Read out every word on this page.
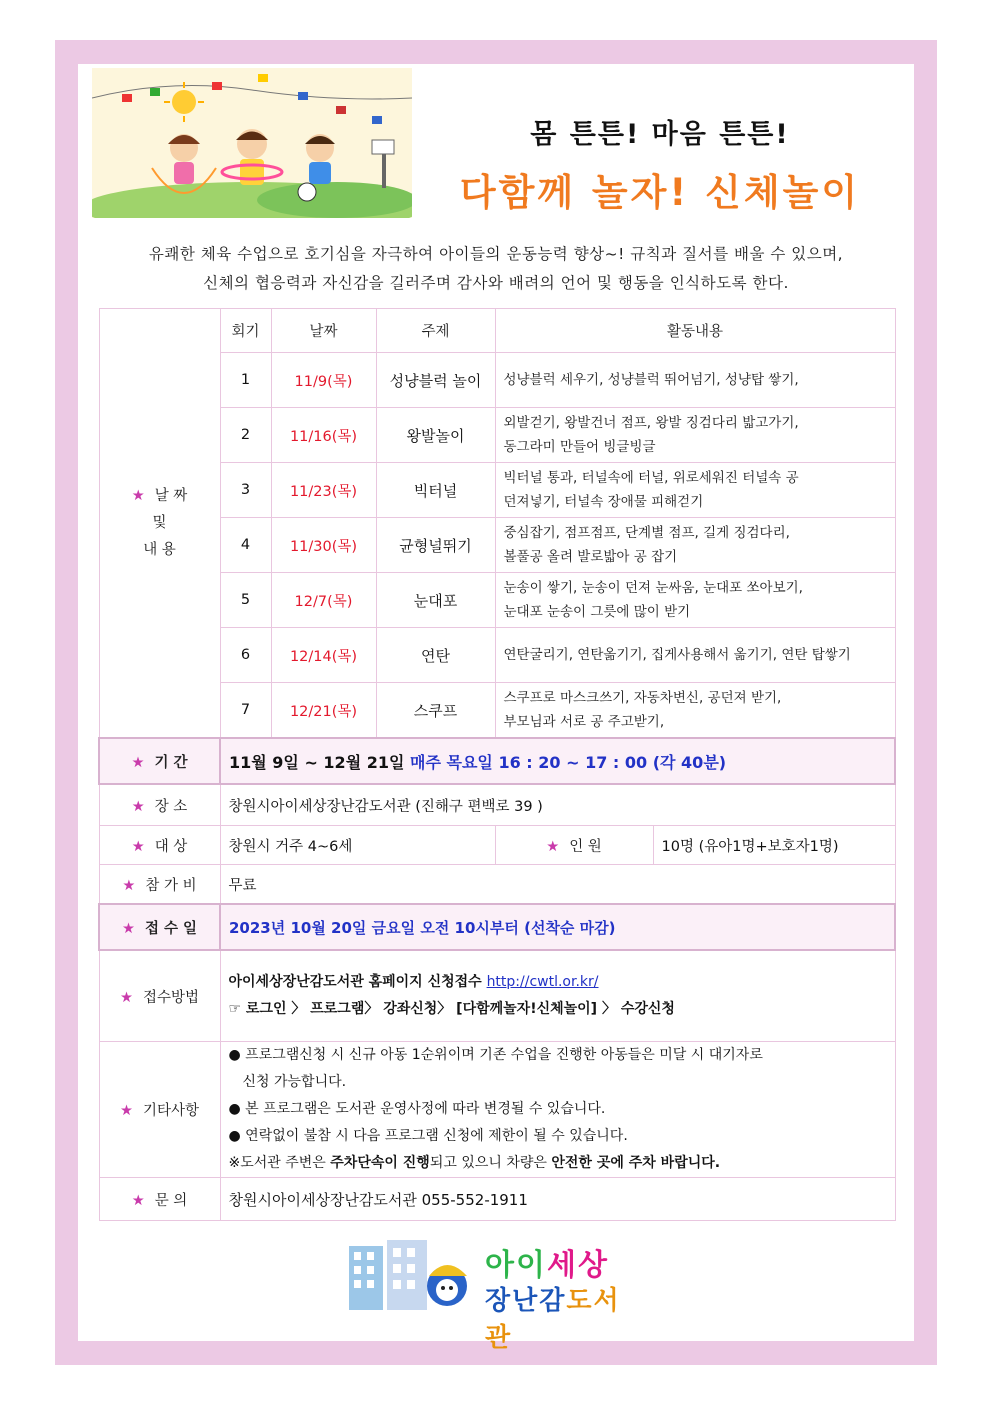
몸 튼튼! 마음 튼튼!
다함께 놀자! 신체놀이
유쾌한 체육 수업으로 호기심을 자극하여 아이들의 운동능력 향상~! 규칙과 질서를 배울 수 있으며,
신체의 협응력과 자신감을 길러주며 감사와 배려의 언어 및 행동을 인식하도록 한다.
★ 날 짜
및
내 용	회기	날짜	주제	활동내용	
	1	11/9(목)	성냥블럭 놀이	성냥블럭 세우기, 성냥블럭 뛰어넘기, 성냥탑 쌓기,	

	2	11/16(목)	왕발놀이	외발걷기, 왕발건너 점프, 왕발 징검다리 밟고가기,
동그라미 만들어 빙글빙글	

	3	11/23(목)	빅터널	빅터널 통과, 터널속에 터널, 위로세워진 터널속 공
던져넣기, 터널속 장애물 피해걷기	

	4	11/30(목)	균형널뛰기	중심잡기, 점프점프, 단계별 점프, 길게 징검다리,
볼풀공 올려 발로밟아 공 잡기	

	5	12/7(목)	눈대포	눈송이 쌓기, 눈송이 던져 눈싸움, 눈대포 쏘아보기,
눈대포 눈송이 그릇에 많이 받기	

	6	12/14(목)	연탄	연탄굴리기, 연탄옮기기, 집게사용해서 옮기기, 연탄 탑쌓기	

	7	12/21(목)	스쿠프	스쿠프로 마스크쓰기, 자동차변신, 공던져 받기,
부모님과 서로 공 주고받기,	

★ 기 간	11월 9일 ~ 12월 21일 매주 목요일 16 : 20 ~ 17 : 00 (각 40분)				
★ 장 소	창원시아이세상장난감도서관 (진해구 편백로 39 )				
★ 대 상	창원시 거주 4~6세			★ 인 원	10명 (유아1명+보호자1명)
★ 참 가 비	무료				
★ 접 수 일	2023년 10월 20일 금요일 오전 10시부터 (선착순 마감)				
★ 접수방법	아이세상장난감도서관 홈페이지 신청접수 http://cwtl.or.kr/
☞ 로그인 〉 프로그램〉 강좌신청〉 [다함께놀자!신체놀이] 〉 수강신청				

★ 기타사항	● 프로그램신청 시 신규 아동 1순위이며 기존 수업을 진행한 아동들은 미달 시 대기자로
신청 가능합니다.
● 본 프로그램은 도서관 운영사정에 따라 변경될 수 있습니다.
● 연락없이 불참 시 다음 프로그램 신청에 제한이 될 수 있습니다.
※도서관 주변은 주차단속이 진행되고 있으니 차량은 안전한 곳에 주차 바랍니다.				

★ 문 의	창원시아이세상장난감도서관 055-552-1911				
아이세상
장난감도서관
